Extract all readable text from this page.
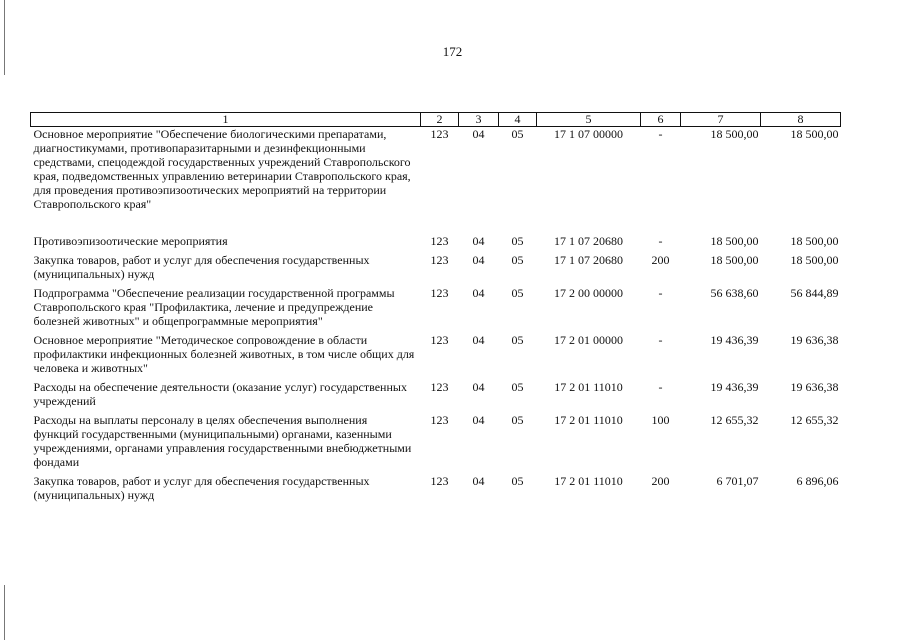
172
1	2	3	4	5	6	7	8
Основное мероприятие "Обеспечение биологическими препаратами, диагностикумами, противопаразитарными и дезинфекционными средствами, спецодеждой государственных учреждений Ставропольского края, подведомственных управлению ветеринарии Ставропольского края, для проведения противоэпизоотических мероприятий на территории Ставропольского края"	123	04	05	17 1 07 00000	-	18 500,00	18 500,00
Противоэпизоотические мероприятия	123	04	05	17 1 07 20680	-	18 500,00	18 500,00
Закупка товаров, работ и услуг для обеспечения государственных (муниципальных) нужд	123	04	05	17 1 07 20680	200	18 500,00	18 500,00
Подпрограмма "Обеспечение реализации государственной программы Ставропольского края "Профилактика, лечение и предупреждение болезней животных" и общепрограммные мероприятия"	123	04	05	17 2 00 00000	-	56 638,60	56 844,89
Основное мероприятие "Методическое сопровождение в области профилактики инфекционных болезней животных, в том числе общих для человека и животных"	123	04	05	17 2 01 00000	-	19 436,39	19 636,38
Расходы на обеспечение деятельности (оказание услуг) государственных учреждений	123	04	05	17 2 01 11010	-	19 436,39	19 636,38
Расходы на выплаты персоналу в целях обеспечения выполнения функций государственными (муниципальными) органами, казенными учреждениями, органами управления государственными внебюджетными фондами	123	04	05	17 2 01 11010	100	12 655,32	12 655,32
Закупка товаров, работ и услуг для обеспечения государственных (муниципальных) нужд	123	04	05	17 2 01 11010	200	6 701,07	6 896,06
